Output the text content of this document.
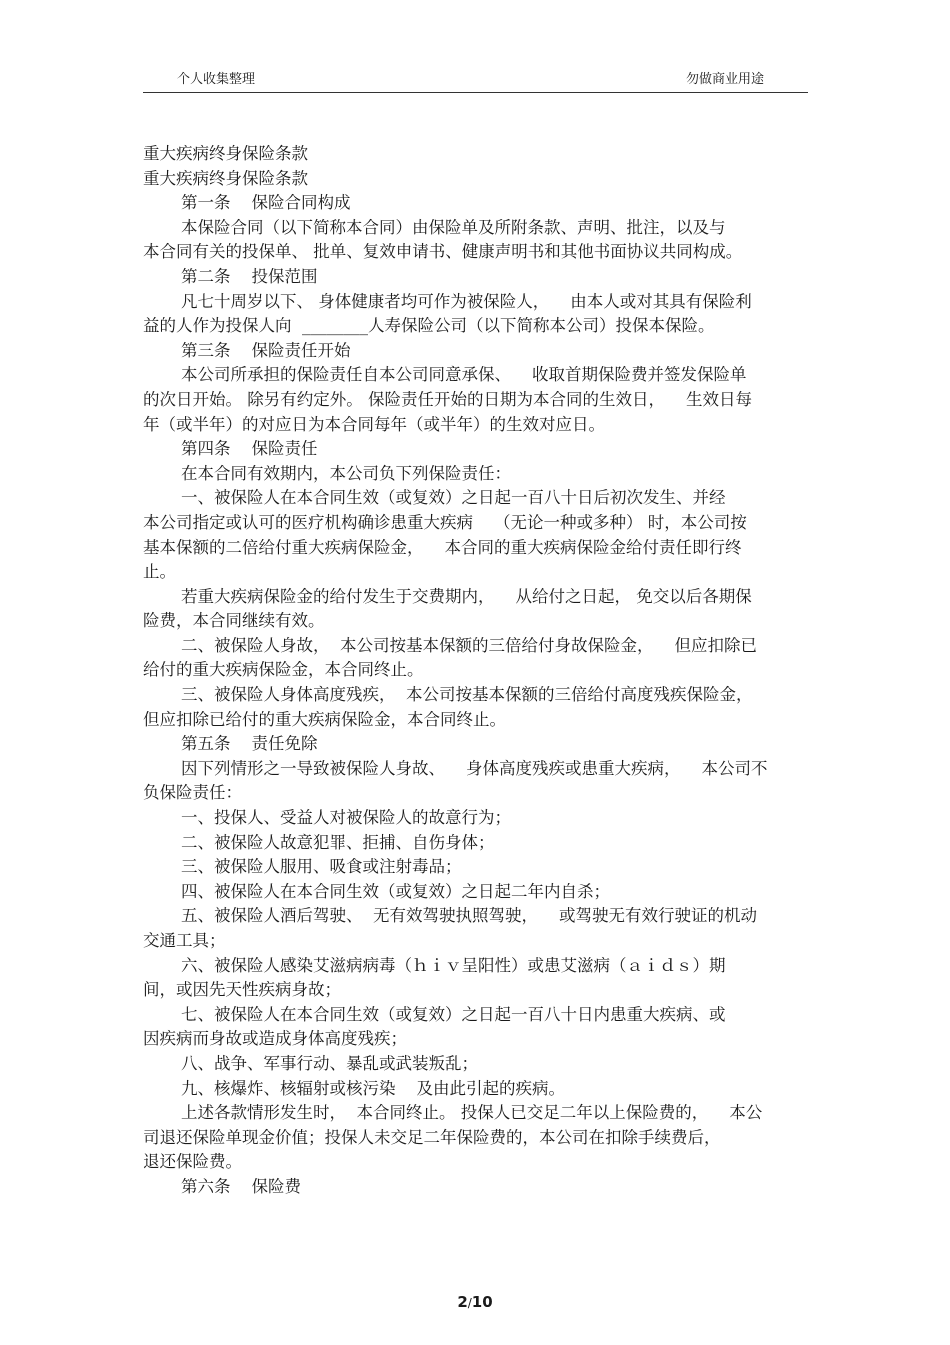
个人收集整理	勿做商业用途
重大疾病终身保险条款
重大疾病终身保险条款
第一条    保险合同构成
本保险合同（以下简称本合同）由保险单及所附条款、声明、批注，以及与
本合同有关的投保单、 批单、复效申请书、健康声明书和其他书面协议共同构成。
第二条    投保范围
凡七十周岁以下、 身体健康者均可作为被保险人，    由本人或对其具有保险利
益的人作为投保人向  ________人寿保险公司（以下简称本公司）投保本保险。
第三条    保险责任开始
本公司所承担的保险责任自本公司同意承保、    收取首期保险费并签发保险单
的次日开始。 除另有约定外。 保险责任开始的日期为本合同的生效日，    生效日每
年（或半年）的对应日为本合同每年（或半年）的生效对应日。
第四条    保险责任
在本合同有效期内，本公司负下列保险责任：
一、被保险人在本合同生效（或复效）之日起一百八十日后初次发生、并经
本公司指定或认可的医疗机构确诊患重大疾病    （无论一种或多种） 时，本公司按
基本保额的二倍给付重大疾病保险金，    本合同的重大疾病保险金给付责任即行终
止。
若重大疾病保险金的给付发生于交费期内，    从给付之日起， 免交以后各期保
险费，本合同继续有效。
二、被保险人身故，  本公司按基本保额的三倍给付身故保险金，    但应扣除已
给付的重大疾病保险金，本合同终止。
三、被保险人身体高度残疾，  本公司按基本保额的三倍给付高度残疾保险金，
但应扣除已给付的重大疾病保险金，本合同终止。
第五条    责任免除
因下列情形之一导致被保险人身故、    身体高度残疾或患重大疾病，    本公司不
负保险责任：
一、投保人、受益人对被保险人的故意行为；
二、被保险人故意犯罪、拒捕、自伤身体；
三、被保险人服用、吸食或注射毒品；
四、被保险人在本合同生效（或复效）之日起二年内自杀；
五、被保险人酒后驾驶、  无有效驾驶执照驾驶，    或驾驶无有效行驶证的机动
交通工具；
六、被保险人感染艾滋病病毒（ｈｉｖ呈阳性）或患艾滋病（ａｉｄｓ）期
间，或因先天性疾病身故；
七、被保险人在本合同生效（或复效）之日起一百八十日内患重大疾病、或
因疾病而身故或造成身体高度残疾；
八、战争、军事行动、暴乱或武装叛乱；
九、核爆炸、核辐射或核污染    及由此引起的疾病。
上述各款情形发生时，  本合同终止。 投保人已交足二年以上保险费的，    本公
司退还保险单现金价值；投保人未交足二年保险费的，本公司在扣除手续费后，
退还保险费。
第六条    保险费
2/10
